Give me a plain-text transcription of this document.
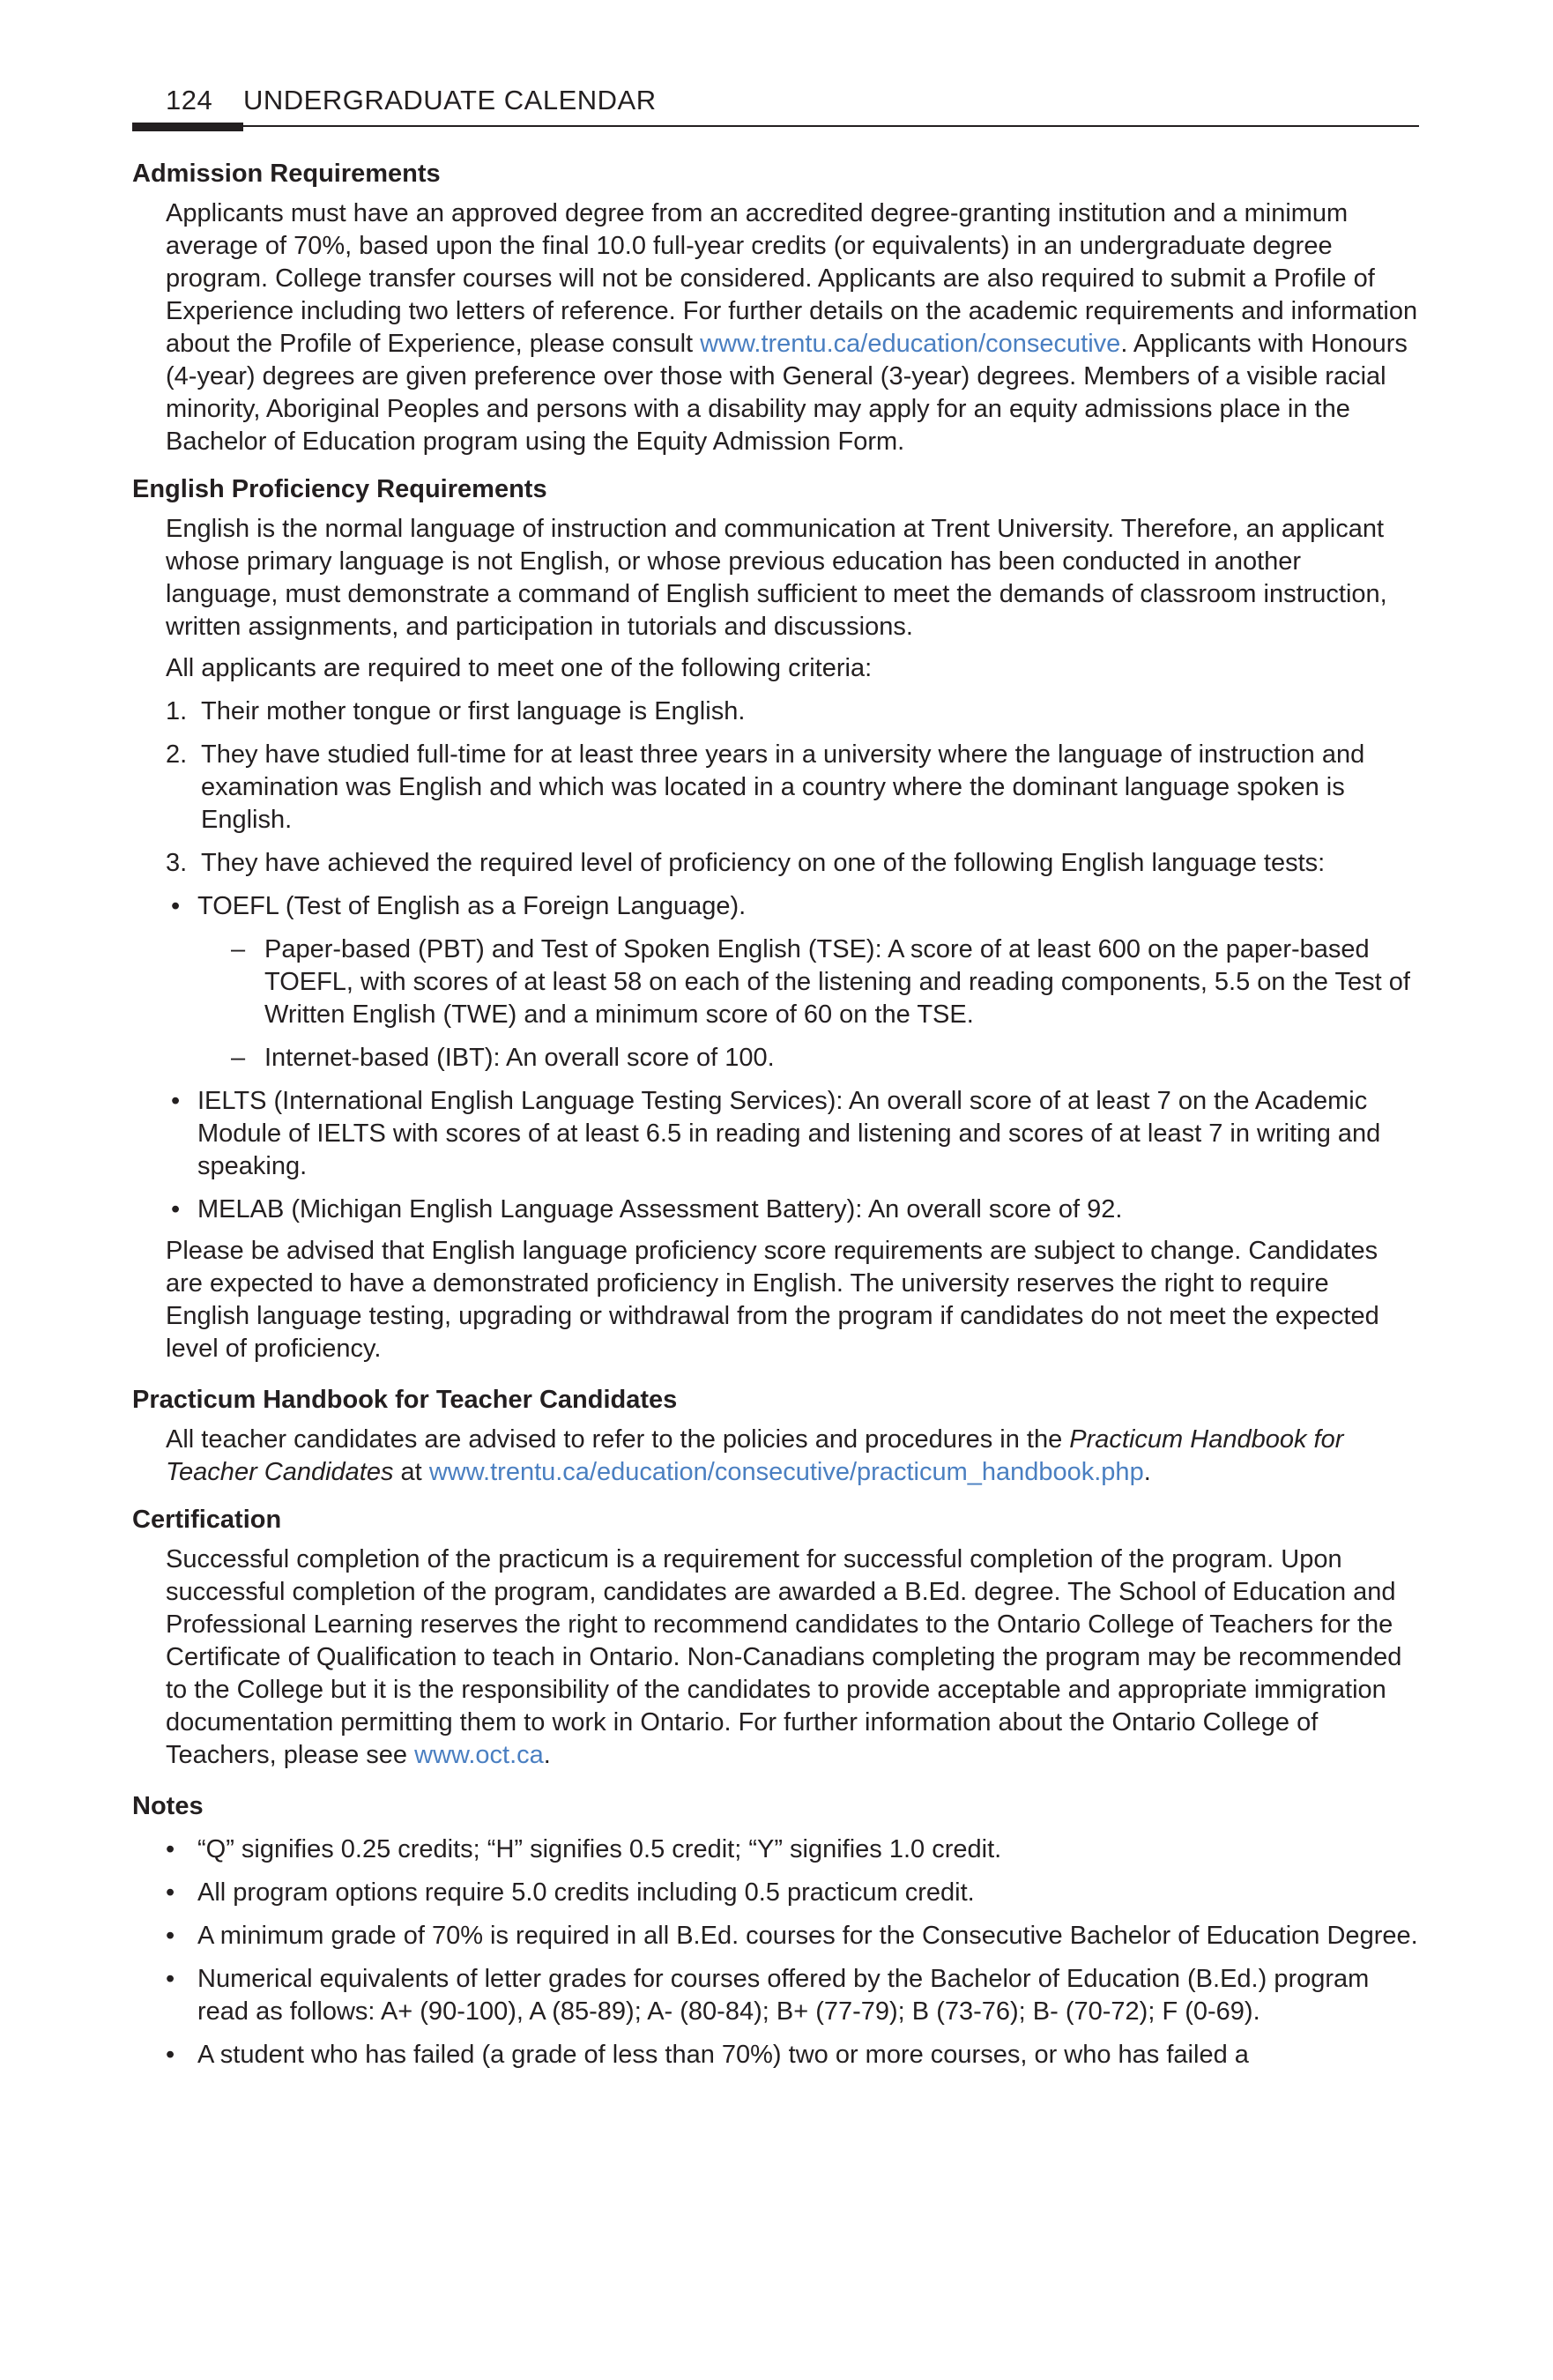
124	UNDERGRADUATE CALENDAR
Admission Requirements

Applicants must have an approved degree from an accredited degree-granting institution and a minimum average of 70%, based upon the final 10.0 full-year credits (or equivalents) in an undergraduate degree program. College transfer courses will not be considered. Applicants are also required to submit a Profile of Experience including two letters of reference. For further details on the academic requirements and information about the Profile of Experience, please consult www.trentu.ca/education/consecutive. Applicants with Honours (4-year) degrees are given preference over those with General (3-year) degrees. Members of a visible racial minority, Aboriginal Peoples and persons with a disability may apply for an equity admissions place in the Bachelor of Education program using the Equity Admission Form.

English Proficiency Requirements

English is the normal language of instruction and communication at Trent University. Therefore, an applicant whose primary language is not English, or whose previous education has been conducted in another language, must demonstrate a command of English sufficient to meet the demands of classroom instruction, written assignments, and participation in tutorials and discussions.

All applicants are required to meet one of the following criteria:

1. Their mother tongue or first language is English.
2. They have studied full-time for at least three years in a university where the language of instruction and examination was English and which was located in a country where the dominant language spoken is English.
3. They have achieved the required level of proficiency on one of the following English language tests:
• TOEFL (Test of English as a Foreign Language).
– Paper-based (PBT) and Test of Spoken English (TSE): A score of at least 600 on the paper-based TOEFL, with scores of at least 58 on each of the listening and reading components, 5.5 on the Test of Written English (TWE) and a minimum score of 60 on the TSE.
– Internet-based (IBT): An overall score of 100.
• IELTS (International English Language Testing Services): An overall score of at least 7 on the Academic Module of IELTS with scores of at least 6.5 in reading and listening and scores of at least 7 in writing and speaking.
• MELAB (Michigan English Language Assessment Battery): An overall score of 92.

Please be advised that English language proficiency score requirements are subject to change. Candidates are expected to have a demonstrated proficiency in English. The university reserves the right to require English language testing, upgrading or withdrawal from the program if candidates do not meet the expected level of proficiency.

Practicum Handbook for Teacher Candidates

All teacher candidates are advised to refer to the policies and procedures in the Practicum Handbook for Teacher Candidates at www.trentu.ca/education/consecutive/practicum_handbook.php.

Certification

Successful completion of the practicum is a requirement for successful completion of the program. Upon successful completion of the program, candidates are awarded a B.Ed. degree. The School of Education and Professional Learning reserves the right to recommend candidates to the Ontario College of Teachers for the Certificate of Qualification to teach in Ontario. Non-Canadians completing the program may be recommended to the College but it is the responsibility of the candidates to provide acceptable and appropriate immigration documentation permitting them to work in Ontario. For further information about the Ontario College of Teachers, please see www.oct.ca.

Notes
• “Q” signifies 0.25 credits; “H” signifies 0.5 credit; “Y” signifies 1.0 credit.
• All program options require 5.0 credits including 0.5 practicum credit.
• A minimum grade of 70% is required in all B.Ed. courses for the Consecutive Bachelor of Education Degree.
• Numerical equivalents of letter grades for courses offered by the Bachelor of Education (B.Ed.) program read as follows: A+ (90-100), A (85-89); A- (80-84); B+ (77-79); B (73-76); B- (70-72); F (0-69).
• A student who has failed (a grade of less than 70%) two or more courses, or who has failed a
